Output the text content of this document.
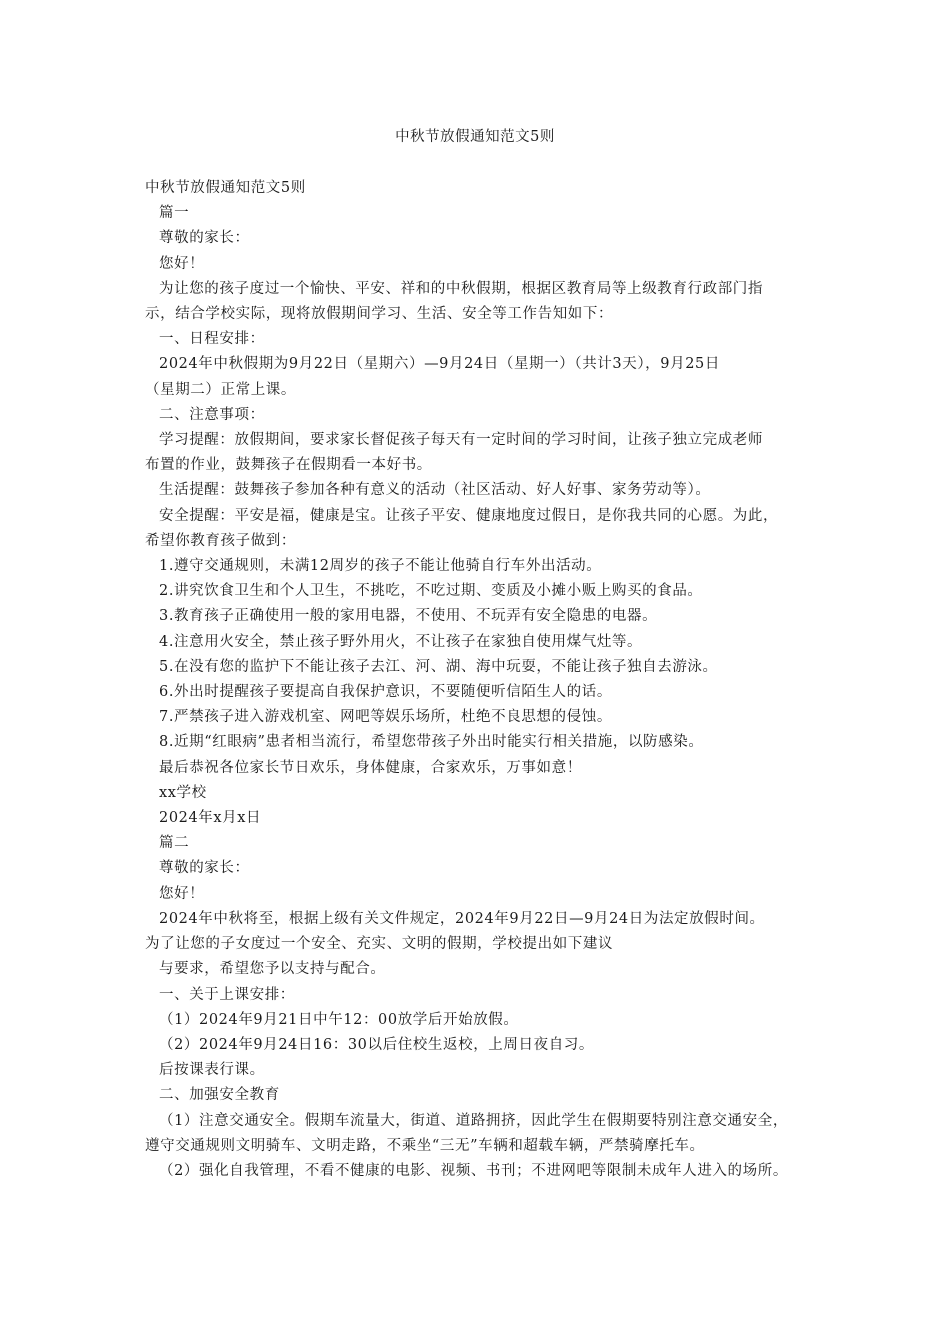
中秋节放假通知范文5则

中秋节放假通知范文5则

篇一

尊敬的家长：

您好！

为让您的孩子度过一个愉快、平安、祥和的中秋假期，根据区教育局等上级教育行政部门指

示，结合学校实际，现将放假期间学习、生活、安全等工作告知如下：

一、日程安排：

2024年中秋假期为9月22日（星期六）—9月24日（星期一）（共计3天），9月25日

（星期二）正常上课。

二、注意事项：

学习提醒：放假期间，要求家长督促孩子每天有一定时间的学习时间，让孩子独立完成老师

布置的作业，鼓舞孩子在假期看一本好书。

生活提醒：鼓舞孩子参加各种有意义的活动（社区活动、好人好事、家务劳动等）。

安全提醒：平安是福，健康是宝。让孩子平安、健康地度过假日，是你我共同的心愿。为此，

希望你教育孩子做到：

1.遵守交通规则，未满12周岁的孩子不能让他骑自行车外出活动。

2.讲究饮食卫生和个人卫生，不挑吃，不吃过期、变质及小摊小贩上购买的食品。

3.教育孩子正确使用一般的家用电器，不使用、不玩弄有安全隐患的电器。

4.注意用火安全，禁止孩子野外用火，不让孩子在家独自使用煤气灶等。

5.在没有您的监护下不能让孩子去江、河、湖、海中玩耍，不能让孩子独自去游泳。

6.外出时提醒孩子要提高自我保护意识，不要随便听信陌生人的话。

7.严禁孩子进入游戏机室、网吧等娱乐场所，杜绝不良思想的侵蚀。

8.近期“红眼病”患者相当流行，希望您带孩子外出时能实行相关措施，以防感染。

最后恭祝各位家长节日欢乐，身体健康，合家欢乐，万事如意！

xx学校

2024年x月x日

篇二

尊敬的家长：

您好！

2024年中秋将至，根据上级有关文件规定，2024年9月22日—9月24日为法定放假时间。

为了让您的子女度过一个安全、充实、文明的假期，学校提出如下建议

与要求，希望您予以支持与配合。

一、关于上课安排：

（1）2024年9月21日中午12：00放学后开始放假。

（2）2024年9月24日16：30以后住校生返校，上周日夜自习。

后按课表行课。

二、加强安全教育

（1）注意交通安全。假期车流量大，街道、道路拥挤，因此学生在假期要特别注意交通安全，

遵守交通规则文明骑车、文明走路，不乘坐“三无”车辆和超载车辆，严禁骑摩托车。

（2）强化自我管理，不看不健康的电影、视频、书刊；不进网吧等限制未成年人进入的场所。
